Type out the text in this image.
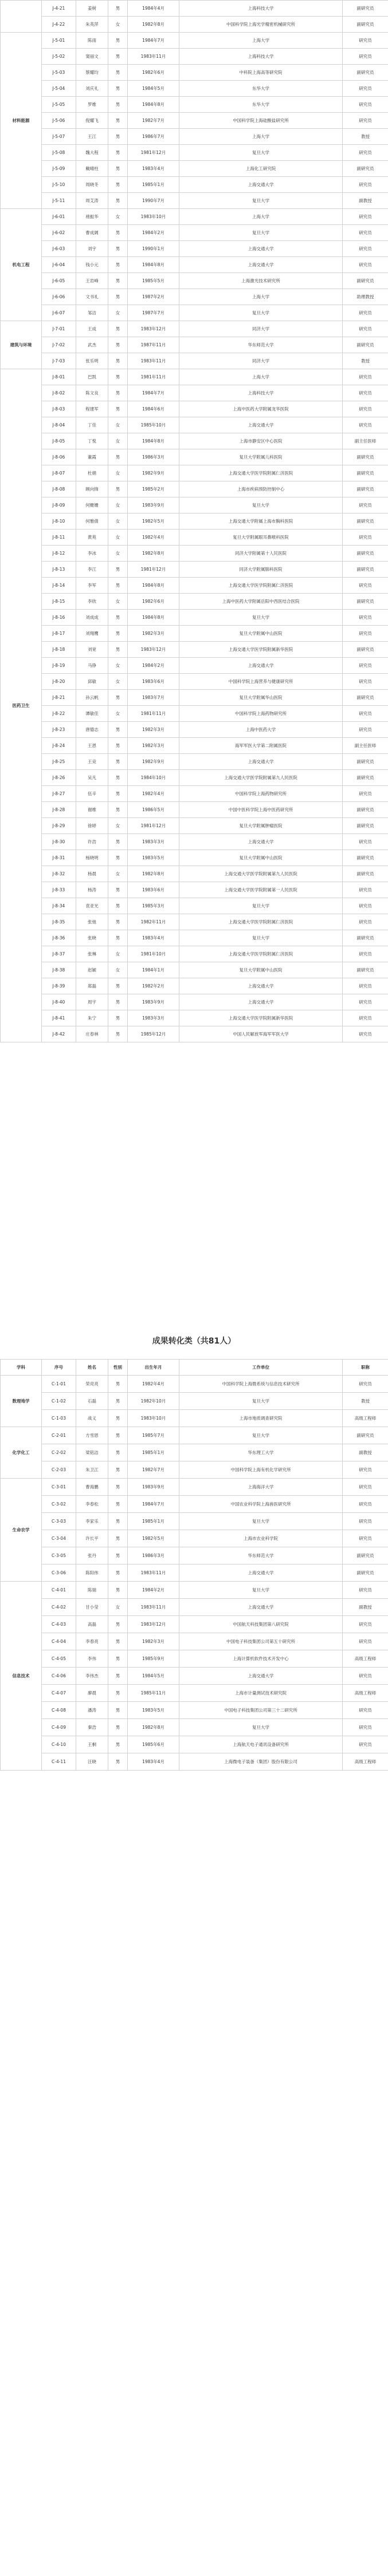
	J-4-21	姜树	男	1984年4月	上海科技大学	副研究员
	J-4-22	朱英萍	女	1982年8月	中国科学院上海光学精密机械研究所	副研究员
材料能源	J-5-01	陈雨	男	1984年7月	上海大学	研究员
	J-5-02	窦丽文	男	1983年11月	上海科技大学	研究员
	J-5-03	蔡耀均	男	1982年6月	中科院上海高等研究院	副研究员
	J-5-04	刘庆礼	男	1984年5月	东华大学	研究员
	J-5-05	罗维	男	1984年8月	东华大学	研究员
	J-5-06	倪耀飞	男	1982年7月	中国科学院上海硅酸盐研究所	研究员
	J-5-07	王江	男	1986年7月	上海大学	教授
	J-5-08	魏大程	男	1981年12月	复旦大学	研究员
	J-5-09	戴晴柱	男	1983年4月	上海化工研究院	副研究员
	J-5-10	周晓冬	男	1985年1月	上海交通大学	研究员
	J-5-11	周艾涛	男	1990年7月	复旦大学	副教授
机电工程	J-6-01	褚振华	女	1983年10月	上海大学	研究员
	J-6-02	曹成阔	男	1984年2月	复旦大学	研究员
	J-6-03	刘宇	男	1990年1月	上海交通大学	研究员
	J-6-04	钱小元	男	1984年8月	上海交通大学	研究员
	J-6-05	王岩峰	男	1985年5月	上海激光技术研究所	副研究员
	J-6-06	文书礼	男	1987年2月	上海大学	助理教授
	J-6-07	邹洁	女	1987年7月	复旦大学	研究员
建筑与环境	J-7-01	王成	男	1983年12月	同济大学	研究员
	J-7-02	武杰	男	1987年11月	华东师范大学	副研究员
	J-7-03	张乐明	男	1983年11月	同济大学	教授
医药卫生	J-8-01	巴凯	男	1981年11月	上海大学	研究员
	J-8-02	陈文良	男	1984年7月	上海科技大学	研究员
	J-8-03	程建军	男	1984年6月	上海中医药大学附属龙华医院	研究员
	J-8-04	丁佳	女	1985年10月	上海交通大学	研究员
	J-8-05	丁悦	女	1984年8月	上海市静安区中心医院	副主任医师
	J-8-06	董霞	男	1986年3月	复旦大学附属儿科医院	副研究员
	J-8-07	杜娟	女	1982年9月	上海交通大学医学院附属仁济医院	副研究员
	J-8-08	顾向锋	男	1985年2月	上海市疾病预防控制中心	副研究员
	J-8-09	何姗姗	女	1983年9月	复旦大学	研究员
	J-8-10	何雅倩	女	1982年5月	上海交通大学附属上海市胸科医院	副研究员
	J-8-11	黄苑	女	1982年4月	复旦大学附属眼耳鼻喉科医院	研究员
	J-8-12	李冰	女	1982年8月	同济大学附属第十人民医院	副研究员
	J-8-13	李江	男	1981年12月	同济大学附属肺科医院	副研究员
	J-8-14	李军	男	1984年8月	上海交通大学医学院附属仁济医院	研究员
	J-8-15	李欣	女	1982年6月	上海中医药大学附属岳阳中西医结合医院	副研究员
	J-8-16	刘成成	男	1984年8月	复旦大学	研究员
	J-8-17	刘翔鹰	男	1982年3月	复旦大学附属中山医院	研究员
	J-8-18	刘宽	男	1983年12月	上海交通大学医学院附属新华医院	副研究员
	J-8-19	马铮	女	1984年2月	上海交通大学	研究员
	J-8-20	邱敏	女	1983年6月	中国科学院上海营养与健康研究所	研究员
	J-8-21	孙云帆	男	1983年7月	复旦大学附属华山医院	副研究员
	J-8-22	谭敏佳	女	1981年11月	中国科学院上海药物研究所	研究员
	J-8-23	唐德志	男	1982年3月	上海中医药大学	研究员
	J-8-24	王恩	男	1982年3月	海军军医大学第二附属医院	副主任医师
	J-8-25	王竞	男	1982年9月	上海交通大学	副研究员
	J-8-26	吴凡	男	1984年10月	上海交通大学医学院附属第九人民医院	副研究员
	J-8-27	伍辛	男	1982年4月	中国科学院上海药物研究所	研究员
	J-8-28	谢维	男	1986年5月	中国中医科学院上海中医药研究所	副研究员
	J-8-29	徐婷	女	1981年12月	复旦大学附属肿瘤医院	副研究员
	J-8-30	许浩	男	1983年3月	上海交通大学	研究员
	J-8-31	杨晓明	男	1983年5月	复旦大学附属中山医院	副研究员
	J-8-32	杨晨	女	1982年8月	上海交通大学医学院附属第九人民医院	副研究员
	J-8-33	杨涛	男	1983年6月	上海交通大学医学院附属第一人民医院	研究员
	J-8-34	袁亚光	男	1985年3月	复旦大学	研究员
	J-8-35	张弛	男	1982年11月	上海交通大学医学院附属仁济医院	研究员
	J-8-36	张晓	男	1983年4月	复旦大学	副研究员
	J-8-37	张琳	女	1981年10月	上海交通大学医学院附属仁济医院	研究员
	J-8-38	赵颖	女	1984年1月	复旦大学附属中山医院	副研究员
	J-8-39	郑磊	男	1982年2月	上海交通大学	研究员
	J-8-40	周宇	男	1983年9月	上海交通大学	研究员
	J-8-41	朱宁	男	1983年3月	上海交通大学医学院附属新华医院	研究员
	J-8-42	庄春林	男	1985年12月	中国人民解放军海军军医大学	研究员
成果转化类（共81人）
学科	序号	姓名	性别	出生年月	工作单位	职称
数理地学	C-1-01	荣亮亮	男	1982年4月	中国科学院上海微系统与信息技术研究所	研究员
	C-1-02	石磊	男	1982年10月	复旦大学	教授
	C-1-03	战义	男	1983年10月	上海市地质调查研究院	高级工程师
化学化工	C-2-01	方雪恩	男	1985年7月	复旦大学	副研究员
	C-2-02	梁铭洁	男	1985年1月	华东理工大学	副教授
	C-2-03	朱卫江	男	1982年7月	中国科学院上海有机化学研究所	研究员
生命农学	C-3-01	曹海鹏	男	1983年9月	上海海洋大学	研究员
	C-3-02	李春松	男	1984年7月	中国农业科学院上海兽医研究所	研究员
	C-3-03	李家乐	男	1985年1月	复旦大学	研究员
	C-3-04	许长平	男	1982年5月	上海市农业科学院	研究员
	C-3-05	张丹	男	1986年3月	华东师范大学	副研究员
	C-3-06	陈阳伟	男	1983年11月	上海交通大学	副研究员
信息技术	C-4-01	陈瑞	男	1984年2月	复旦大学	研究员
	C-4-02	甘小莹	女	1983年11月	上海交通大学	副教授
	C-4-03	高磊	男	1983年12月	中国航天科技集团第八研究院	研究员
	C-4-04	李春亮	男	1982年3月	中国电子科技集团公司第五十研究所	研究员
	C-4-05	李伟	男	1985年9月	上海计算机软件技术开发中心	高级工程师
	C-4-06	李伟杰	男	1984年5月	上海交通大学	研究员
	C-4-07	廖晨	男	1985年11月	上海市计量测试技术研究院	高级工程师
	C-4-08	潘涛	男	1983年5月	中国电子科技集团公司第三十二研究所	研究员
	C-4-09	秦浩	男	1982年8月	复旦大学	研究员
	C-4-10	王桐	男	1985年6月	上海航天电子通讯设备研究所	研究员
	C-4-11	汪晓	男	1983年4月	上海微电子装备（集团）股份有限公司	高级工程师
